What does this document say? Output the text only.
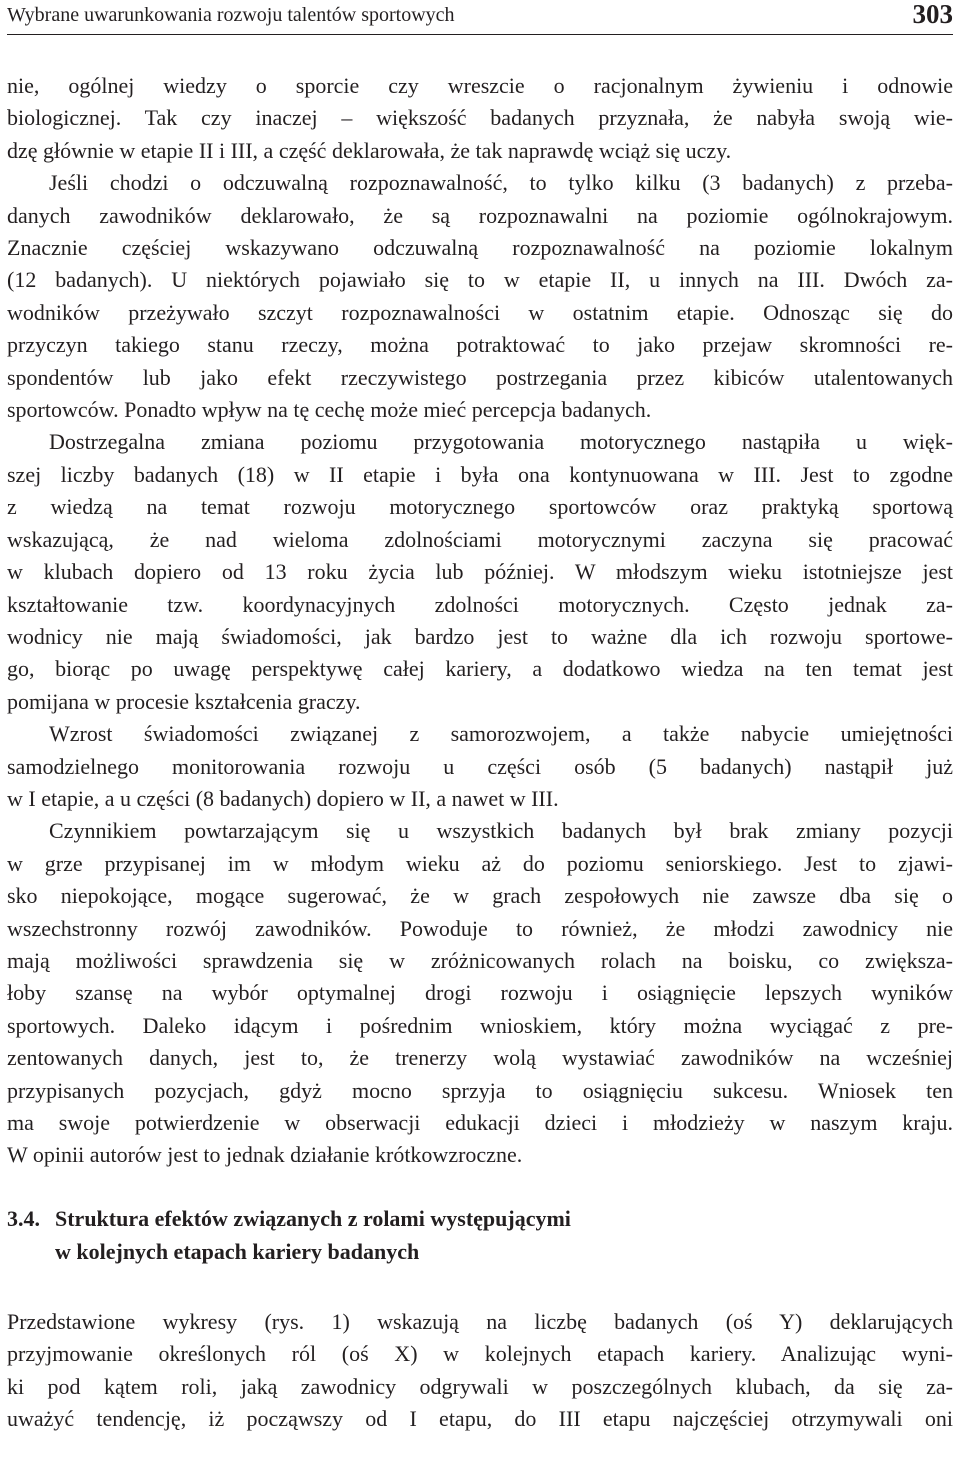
Wybrane uwarunkowania rozwoju talentów sportowych	303

nie, ogólnej wiedzy o sporcie czy wreszcie o racjonalnym żywieniu i odnowie
biologicznej. Tak czy inaczej – większość badanych przyznała, że nabyła swoją wie-
dzę głównie w etapie II i III, a część deklarowała, że tak naprawdę wciąż się uczy.

Jeśli chodzi o odczuwalną rozpoznawalność, to tylko kilku (3 badanych) z przeba-
danych zawodników deklarowało, że są rozpoznawalni na poziomie ogólnokrajowym.
Znacznie częściej wskazywano odczuwalną rozpoznawalność na poziomie lokalnym
(12 badanych). U niektórych pojawiało się to w etapie II, u innych na III. Dwóch za-
wodników przeżywało szczyt rozpoznawalności w ostatnim etapie. Odnosząc się do
przyczyn takiego stanu rzeczy, można potraktować to jako przejaw skromności re-
spondentów lub jako efekt rzeczywistego postrzegania przez kibiców utalentowanych
sportowców. Ponadto wpływ na tę cechę może mieć percepcja badanych.

Dostrzegalna zmiana poziomu przygotowania motorycznego nastąpiła u więk-
szej liczby badanych (18) w II etapie i była ona kontynuowana w III. Jest to zgodne
z wiedzą na temat rozwoju motorycznego sportowców oraz praktyką sportową
wskazującą, że nad wieloma zdolnościami motorycznymi zaczyna się pracować
w klubach dopiero od 13 roku życia lub później. W młodszym wieku istotniejsze jest
kształtowanie tzw. koordynacyjnych zdolności motorycznych. Często jednak za-
wodnicy nie mają świadomości, jak bardzo jest to ważne dla ich rozwoju sportowe-
go, biorąc po uwagę perspektywę całej kariery, a dodatkowo wiedza na ten temat jest
pomijana w procesie kształcenia graczy.

Wzrost świadomości związanej z samorozwojem, a także nabycie umiejętności
samodzielnego monitorowania rozwoju u części osób (5 badanych) nastąpił już
w I etapie, a u części (8 badanych) dopiero w II, a nawet w III.

Czynnikiem powtarzającym się u wszystkich badanych był brak zmiany pozycji
w grze przypisanej im w młodym wieku aż do poziomu seniorskiego. Jest to zjawi-
sko niepokojące, mogące sugerować, że w grach zespołowych nie zawsze dba się o
wszechstronny rozwój zawodników. Powoduje to również, że młodzi zawodnicy nie
mają możliwości sprawdzenia się w zróżnicowanych rolach na boisku, co zwiększa-
łoby szansę na wybór optymalnej drogi rozwoju i osiągnięcie lepszych wyników
sportowych. Daleko idącym i pośrednim wnioskiem, który można wyciągać z pre-
zentowanych danych, jest to, że trenerzy wolą wystawiać zawodników na wcześniej
przypisanych pozycjach, gdyż mocno sprzyja to osiągnięciu sukcesu. Wniosek ten
ma swoje potwierdzenie w obserwacji edukacji dzieci i młodzieży w naszym kraju.
W opinii autorów jest to jednak działanie krótkowzroczne.

3.4. Struktura efektów związanych z rolami występującymi
w kolejnych etapach kariery badanych

Przedstawione wykresy (rys. 1) wskazują na liczbę badanych (oś Y) deklarujących
przyjmowanie określonych ról (oś X) w kolejnych etapach kariery. Analizując wyni-
ki pod kątem roli, jaką zawodnicy odgrywali w poszczególnych klubach, da się za-
uważyć tendencję, iż począwszy od I etapu, do III etapu najczęściej otrzymywali oni
